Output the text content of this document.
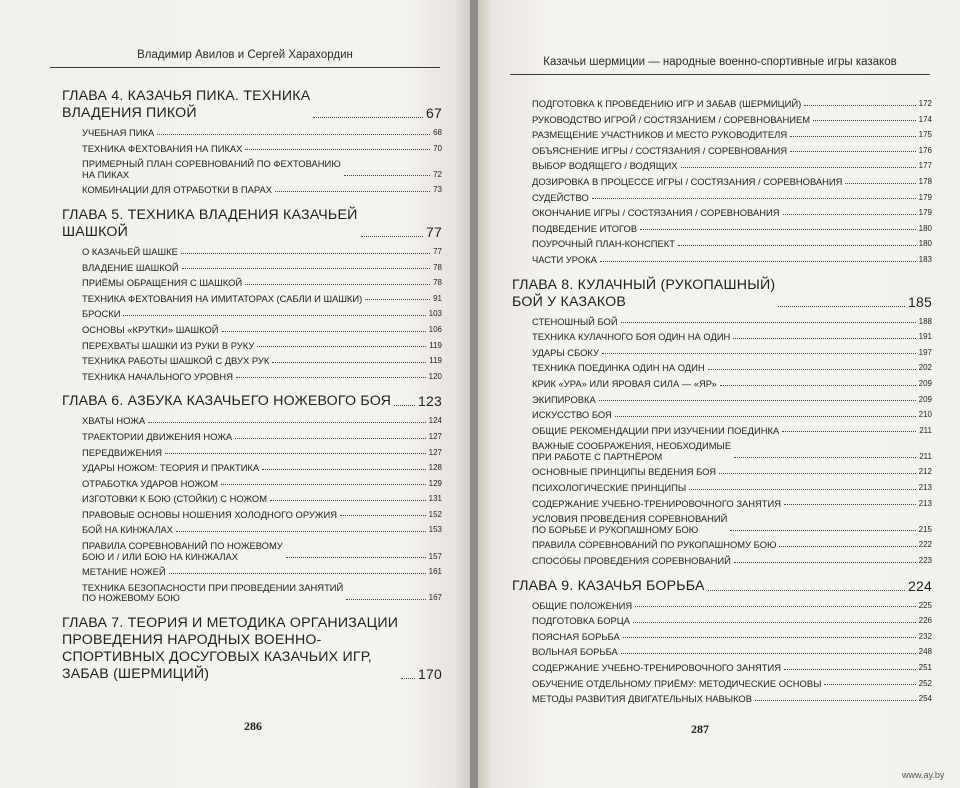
Владимир Авилов и Сергей Харахордин
ГЛАВА 4. КАЗАЧЬЯ ПИКА. ТЕХНИКА
ВЛАДЕНИЯ ПИКОЙ	67
УЧЕБНАЯ ПИКА	68
ТЕХНИКА ФЕХТОВАНИЯ НА ПИКАХ	70
ПРИМЕРНЫЙ ПЛАН СОРЕВНОВАНИЙ ПО ФЕХТОВАНИЮ
НА ПИКАХ	72
КОМБИНАЦИИ ДЛЯ ОТРАБОТКИ В ПАРАХ	73
ГЛАВА 5. ТЕХНИКА ВЛАДЕНИЯ КАЗАЧЬЕЙ
ШАШКОЙ	77
О КАЗАЧЬЕЙ ШАШКЕ	77
ВЛАДЕНИЕ ШАШКОЙ	78
ПРИЁМЫ ОБРАЩЕНИЯ С ШАШКОЙ	78
ТЕХНИКА ФЕХТОВАНИЯ НА ИМИТАТОРАХ (САБЛИ И ШАШКИ)	91
БРОСКИ	103
ОСНОВЫ «КРУТКИ» ШАШКОЙ	106
ПЕРЕХВАТЫ ШАШКИ ИЗ РУКИ В РУКУ	119
ТЕХНИКА РАБОТЫ ШАШКОЙ С ДВУХ РУК	119
ТЕХНИКА НАЧАЛЬНОГО УРОВНЯ	120
ГЛАВА 6. АЗБУКА КАЗАЧЬЕГО НОЖЕВОГО БОЯ 123
ХВАТЫ НОЖА	124
ТРАЕКТОРИИ ДВИЖЕНИЯ НОЖА	127
ПЕРЕДВИЖЕНИЯ	127
УДАРЫ НОЖОМ: ТЕОРИЯ И ПРАКТИКА	128
ОТРАБОТКА УДАРОВ НОЖОМ	129
ИЗГОТОВКИ К БОЮ (СТОЙКИ) С НОЖОМ	131
ПРАВОВЫЕ ОСНОВЫ НОШЕНИЯ ХОЛОДНОГО ОРУЖИЯ	152
БОЙ НА КИНЖАЛАХ	153
ПРАВИЛА СОРЕВНОВАНИЙ ПО НОЖЕВОМУ
БОЮ И / ИЛИ БОЮ НА КИНЖАЛАХ	157
МЕТАНИЕ НОЖЕЙ	161
ТЕХНИКА БЕЗОПАСНОСТИ ПРИ ПРОВЕДЕНИИ ЗАНЯТИЙ
ПО НОЖЕВОМУ БОЮ	167
ГЛАВА 7. ТЕОРИЯ И МЕТОДИКА ОРГАНИЗАЦИИ
ПРОВЕДЕНИЯ НАРОДНЫХ ВОЕННО-
СПОРТИВНЫХ ДОСУГОВЫХ КАЗАЧЬИХ ИГР,
ЗАБАВ (ШЕРМИЦИЙ)	170
286
Казачьи шермиции — народные военно-спортивные игры казаков
ПОДГОТОВКА К ПРОВЕДЕНИЮ ИГР И ЗАБАВ (ШЕРМИЦИЙ)	172
РУКОВОДСТВО ИГРОЙ / СОСТЯЗАНИЕМ / СОРЕВНОВАНИЕМ	174
РАЗМЕЩЕНИЕ УЧАСТНИКОВ И МЕСТО РУКОВОДИТЕЛЯ	175
ОБЪЯСНЕНИЕ ИГРЫ / СОСТЯЗАНИЯ / СОРЕВНОВАНИЯ	176
ВЫБОР ВОДЯЩЕГО / ВОДЯЩИХ	177
ДОЗИРОВКА В ПРОЦЕССЕ ИГРЫ / СОСТЯЗАНИЯ / СОРЕВНОВАНИЯ	178
СУДЕЙСТВО	179
ОКОНЧАНИЕ ИГРЫ / СОСТЯЗАНИЯ / СОРЕВНОВАНИЯ	179
ПОДВЕДЕНИЕ ИТОГОВ	180
ПОУРОЧНЫЙ ПЛАН-КОНСПЕКТ	180
ЧАСТИ УРОКА	183
ГЛАВА 8. КУЛАЧНЫЙ (РУКОПАШНЫЙ)
БОЙ У КАЗАКОВ	185
СТЕНОШНЫЙ БОЙ	188
ТЕХНИКА КУЛАЧНОГО БОЯ ОДИН НА ОДИН	191
УДАРЫ СБОКУ	197
ТЕХНИКА ПОЕДИНКА ОДИН НА ОДИН	202
КРИК «УРА» ИЛИ ЯРОВАЯ СИЛА — «ЯР»	209
ЭКИПИРОВКА	209
ИСКУССТВО БОЯ	210
ОБЩИЕ РЕКОМЕНДАЦИИ ПРИ ИЗУЧЕНИИ ПОЕДИНКА	211
ВАЖНЫЕ СООБРАЖЕНИЯ, НЕОБХОДИМЫЕ
ПРИ РАБОТЕ С ПАРТНЁРОМ	211
ОСНОВНЫЕ ПРИНЦИПЫ ВЕДЕНИЯ БОЯ	212
ПСИХОЛОГИЧЕСКИЕ ПРИНЦИПЫ	213
СОДЕРЖАНИЕ УЧЕБНО-ТРЕНИРОВОЧНОГО ЗАНЯТИЯ	213
УСЛОВИЯ ПРОВЕДЕНИЯ СОРЕВНОВАНИЙ
ПО БОРЬБЕ И РУКОПАШНОМУ БОЮ	215
ПРАВИЛА СОРЕВНОВАНИЙ ПО РУКОПАШНОМУ БОЮ	222
СПОСОБЫ ПРОВЕДЕНИЯ СОРЕВНОВАНИЙ	223
ГЛАВА 9. КАЗАЧЬЯ БОРЬБА	224
ОБЩИЕ ПОЛОЖЕНИЯ	225
ПОДГОТОВКА БОРЦА	226
ПОЯСНАЯ БОРЬБА	232
ВОЛЬНАЯ БОРЬБА	248
СОДЕРЖАНИЕ УЧЕБНО-ТРЕНИРОВОЧНОГО ЗАНЯТИЯ	251
ОБУЧЕНИЕ ОТДЕЛЬНОМУ ПРИЁМУ: МЕТОДИЧЕСКИЕ ОСНОВЫ	252
МЕТОДЫ РАЗВИТИЯ ДВИГАТЕЛЬНЫХ НАВЫКОВ	254
287
www.ay.by
